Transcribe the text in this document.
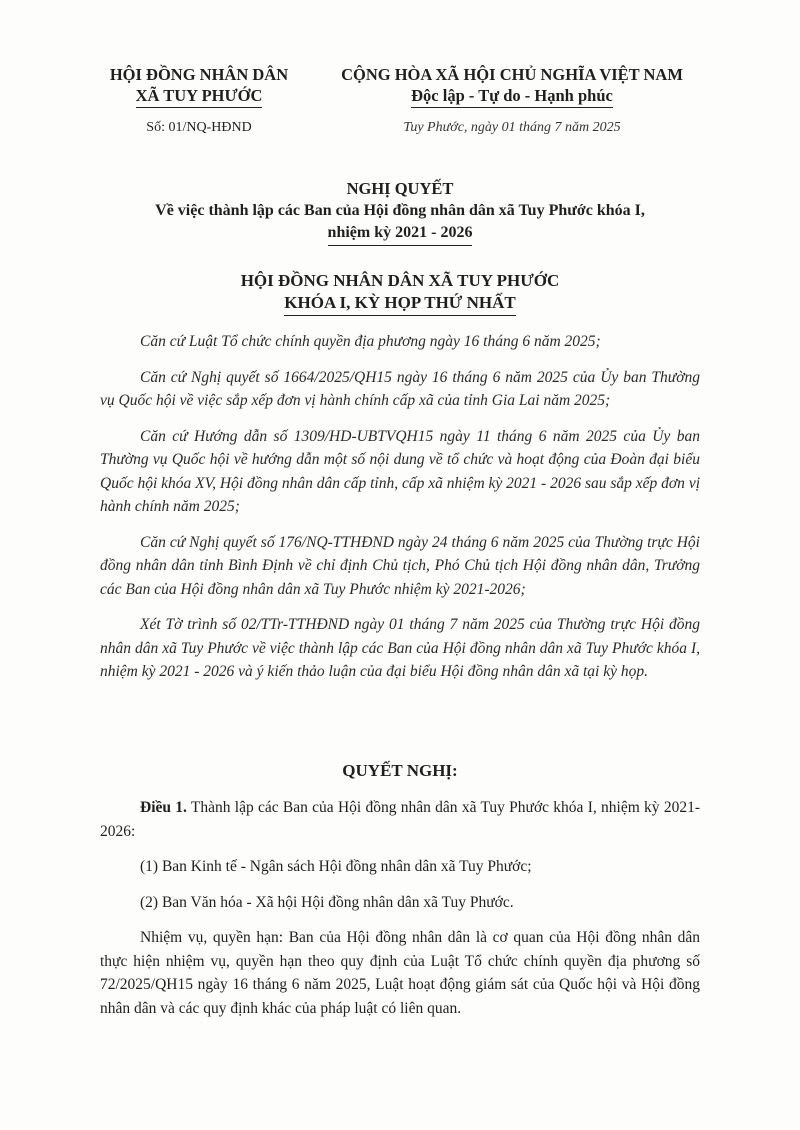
HỘI ĐỒNG NHÂN DÂN
XÃ TUY PHƯỚC
Số: 01/NQ-HĐND
CỘNG HÒA XÃ HỘI CHỦ NGHĨA VIỆT NAM
Độc lập - Tự do - Hạnh phúc
Tuy Phước, ngày 01 tháng 7 năm 2025
NGHỊ QUYẾT
Về việc thành lập các Ban của Hội đồng nhân dân xã Tuy Phước khóa I,
nhiệm kỳ 2021 - 2026
HỘI ĐỒNG NHÂN DÂN XÃ TUY PHƯỚC
KHÓA I, KỲ HỌP THỨ NHẤT

Căn cứ Luật Tổ chức chính quyền địa phương ngày 16 tháng 6 năm 2025;

Căn cứ Nghị quyết số 1664/2025/QH15 ngày 16 tháng 6 năm 2025 của Ủy ban Thường vụ Quốc hội về việc sắp xếp đơn vị hành chính cấp xã của tỉnh Gia Lai năm 2025;

Căn cứ Hướng dẫn số 1309/HD-UBTVQH15 ngày 11 tháng 6 năm 2025 của Ủy ban Thường vụ Quốc hội về hướng dẫn một số nội dung về tổ chức và hoạt động của Đoàn đại biểu Quốc hội khóa XV, Hội đồng nhân dân cấp tỉnh, cấp xã nhiệm kỳ 2021 - 2026 sau sắp xếp đơn vị hành chính năm 2025;

Căn cứ Nghị quyết số 176/NQ-TTHĐND ngày 24 tháng 6 năm 2025 của Thường trực Hội đồng nhân dân tỉnh Bình Định về chỉ định Chủ tịch, Phó Chủ tịch Hội đồng nhân dân, Trưởng các Ban của Hội đồng nhân dân xã Tuy Phước nhiệm kỳ 2021-2026;

Xét Tờ trình số 02/TTr-TTHĐND ngày 01 tháng 7 năm 2025 của Thường trực Hội đồng nhân dân xã Tuy Phước về việc thành lập các Ban của Hội đồng nhân dân xã Tuy Phước khóa I, nhiệm kỳ 2021 - 2026 và ý kiến thảo luận của đại biểu Hội đồng nhân dân xã tại kỳ họp.

QUYẾT NGHỊ:

Điều 1. Thành lập các Ban của Hội đồng nhân dân xã Tuy Phước khóa I, nhiệm kỳ 2021-2026:

(1) Ban Kinh tế - Ngân sách Hội đồng nhân dân xã Tuy Phước;

(2) Ban Văn hóa - Xã hội Hội đồng nhân dân xã Tuy Phước.

Nhiệm vụ, quyền hạn: Ban của Hội đồng nhân dân là cơ quan của Hội đồng nhân dân thực hiện nhiệm vụ, quyền hạn theo quy định của Luật Tổ chức chính quyền địa phương số 72/2025/QH15 ngày 16 tháng 6 năm 2025, Luật hoạt động giám sát của Quốc hội và Hội đồng nhân dân và các quy định khác của pháp luật có liên quan.
